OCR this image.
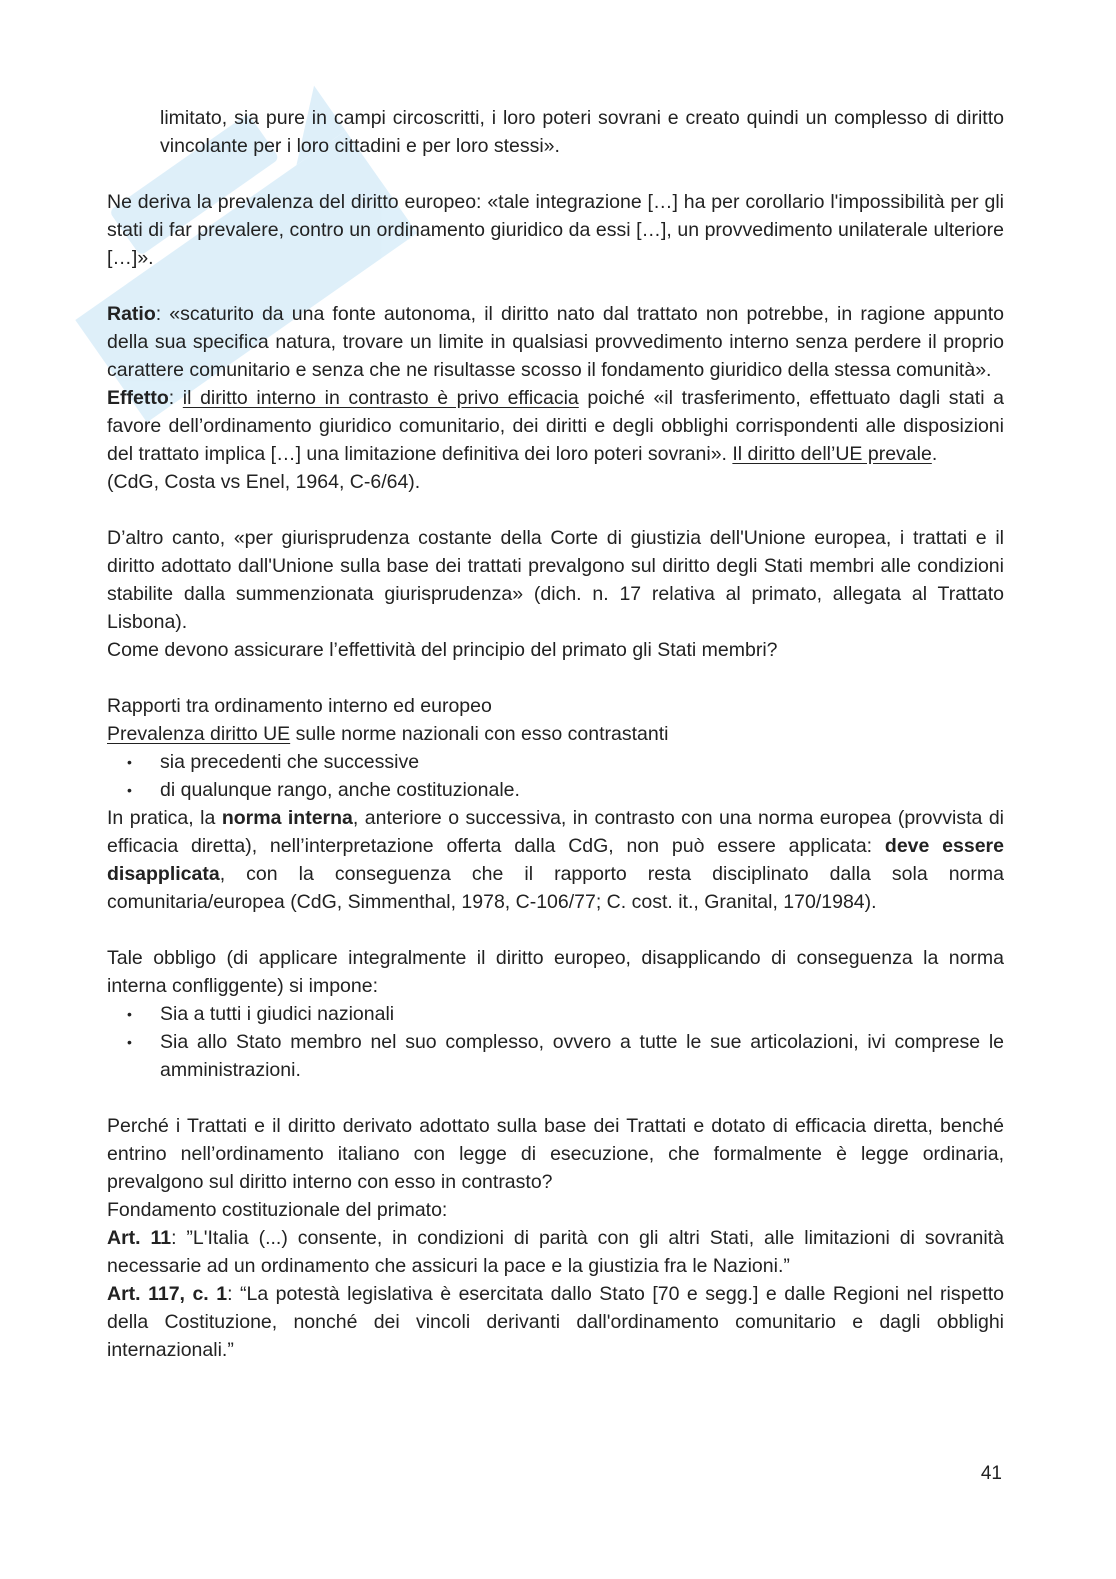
limitato, sia pure in campi circoscritti, i loro poteri sovrani e creato quindi un complesso di diritto vincolante per i loro cittadini e per loro stessi».

Ne deriva la prevalenza del diritto europeo: «tale integrazione […] ha per corollario l'impossibilità per gli stati di far prevalere, contro un ordinamento giuridico da essi […], un provvedimento unilaterale ulteriore […]».

Ratio: «scaturito da una fonte autonoma, il diritto nato dal trattato non potrebbe, in ragione appunto della sua specifica natura, trovare un limite in qualsiasi provvedimento interno senza perdere il proprio carattere comunitario e senza che ne risultasse scosso il fondamento giuridico della stessa comunità».

Effetto: il diritto interno in contrasto è privo efficacia poiché «il trasferimento, effettuato dagli stati a favore dell’ordinamento giuridico comunitario, dei diritti e degli obblighi corrispondenti alle disposizioni del trattato implica […] una limitazione definitiva dei loro poteri sovrani». Il diritto dell’UE prevale.

(CdG, Costa vs Enel, 1964, C-6/64).

D’altro canto, «per giurisprudenza costante della Corte di giustizia dell'Unione europea, i trattati e il diritto adottato dall'Unione sulla base dei trattati prevalgono sul diritto degli Stati membri alle condizioni stabilite dalla summenzionata giurisprudenza» (dich. n. 17 relativa al primato, allegata al Trattato Lisbona).

Come devono assicurare l’effettività del principio del primato gli Stati membri?

Rapporti tra ordinamento interno ed europeo

Prevalenza diritto UE sulle norme nazionali con esso contrastanti

• sia precedenti che successive
• di qualunque rango, anche costituzionale.

In pratica, la norma interna, anteriore o successiva, in contrasto con una norma europea (provvista di efficacia diretta), nell’interpretazione offerta dalla CdG, non può essere applicata: deve essere disapplicata, con la conseguenza che il rapporto resta disciplinato dalla sola norma comunitaria/europea (CdG, Simmenthal, 1978, C-106/77; C. cost. it., Granital, 170/1984).

Tale obbligo (di applicare integralmente il diritto europeo, disapplicando di conseguenza la norma interna confliggente) si impone:

• Sia a tutti i giudici nazionali
• Sia allo Stato membro nel suo complesso, ovvero a tutte le sue articolazioni, ivi comprese le amministrazioni.

Perché i Trattati e il diritto derivato adottato sulla base dei Trattati e dotato di efficacia diretta, benché entrino nell’ordinamento italiano con legge di esecuzione, che formalmente è legge ordinaria, prevalgono sul diritto interno con esso in contrasto?

Fondamento costituzionale del primato:

Art. 11: ”L'Italia (...) consente, in condizioni di parità con gli altri Stati, alle limitazioni di sovranità necessarie ad un ordinamento che assicuri la pace e la giustizia fra le Nazioni.”

Art. 117, c. 1: “La potestà legislativa è esercitata dallo Stato [70 e segg.] e dalle Regioni nel rispetto della Costituzione, nonché dei vincoli derivanti dall'ordinamento comunitario e dagli obblighi internazionali.”

41
